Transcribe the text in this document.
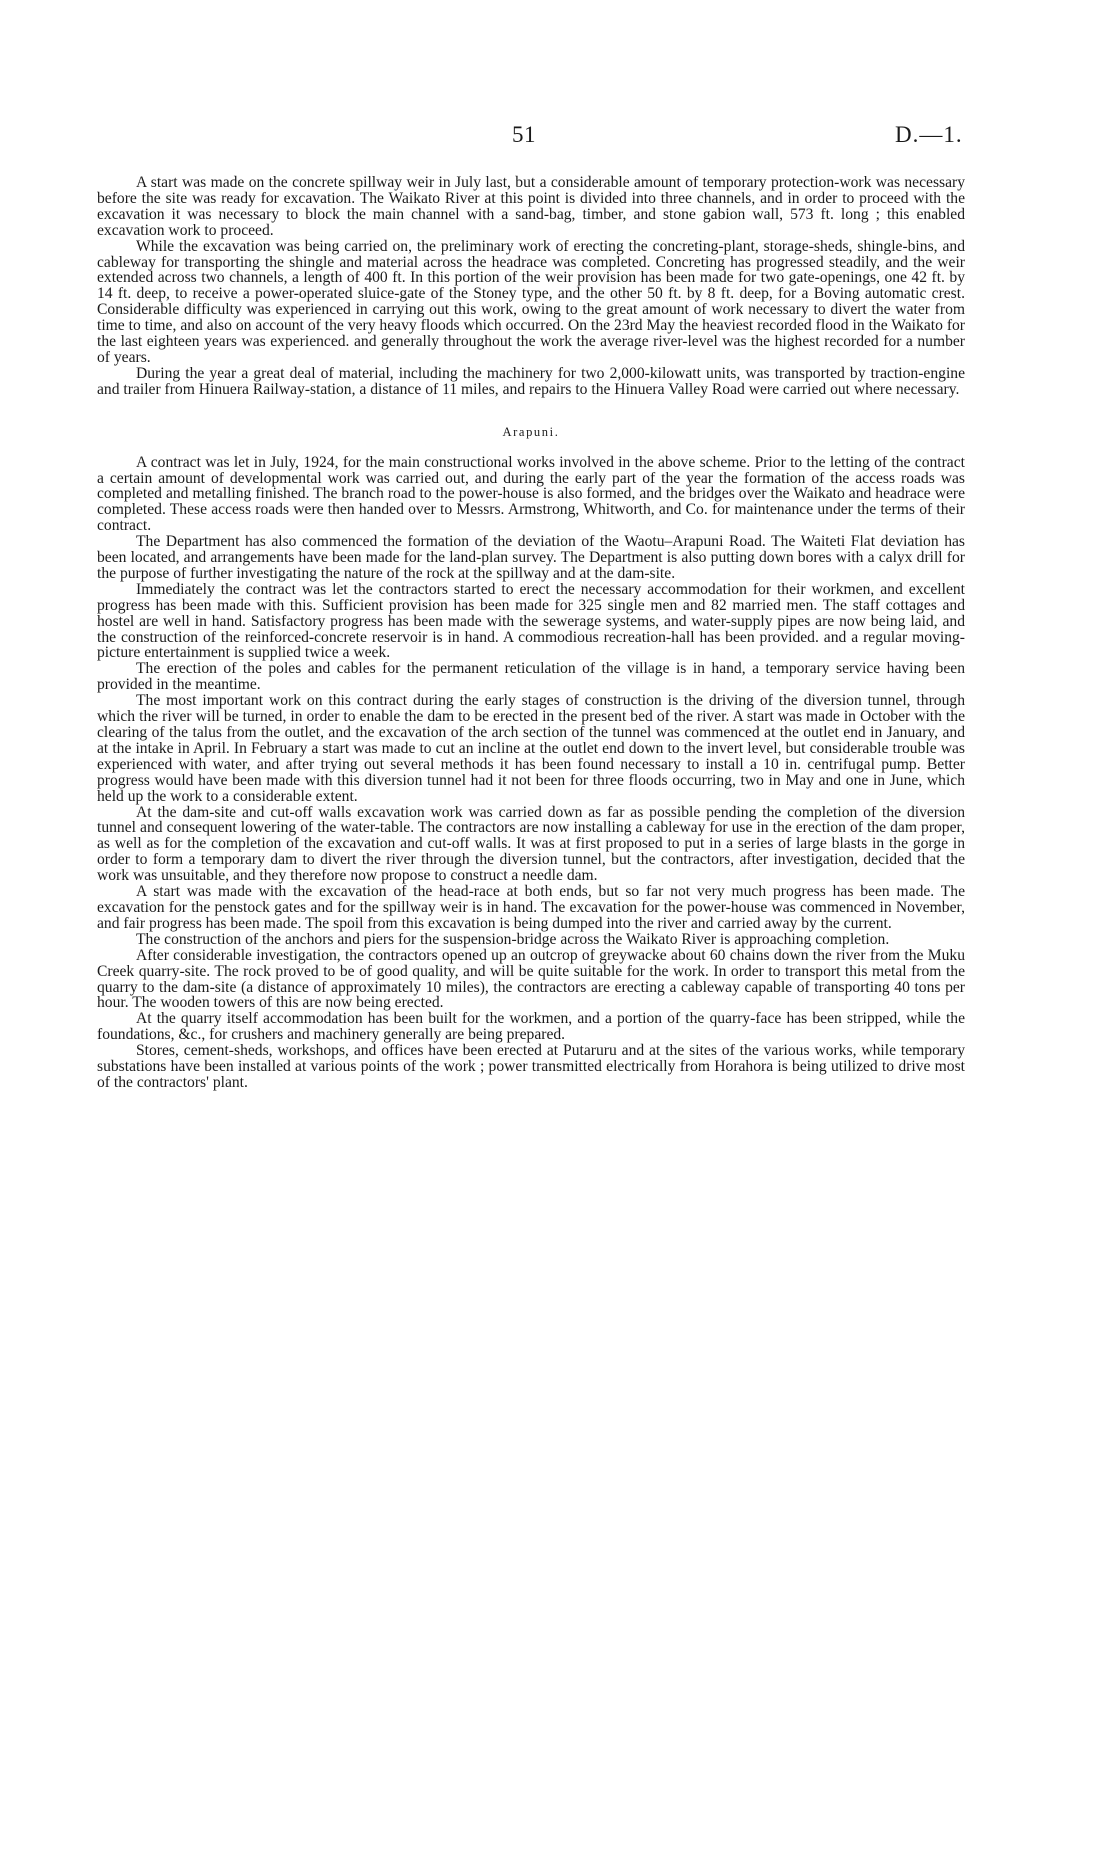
51	D.—1.

A start was made on the concrete spillway weir in July last, but a considerable amount of temporary protection-work was necessary before the site was ready for excavation. The Waikato River at this point is divided into three channels, and in order to proceed with the excavation it was necessary to block the main channel with a sand-bag, timber, and stone gabion wall, 573 ft. long ; this enabled excavation work to proceed.

While the excavation was being carried on, the preliminary work of erecting the concreting-plant, storage-sheds, shingle-bins, and cableway for transporting the shingle and material across the headrace was completed. Concreting has progressed steadily, and the weir extended across two channels, a length of 400 ft. In this portion of the weir provision has been made for two gate-openings, one 42 ft. by 14 ft. deep, to receive a power-operated sluice-gate of the Stoney type, and the other 50 ft. by 8 ft. deep, for a Boving automatic crest. Considerable difficulty was experienced in carrying out this work, owing to the great amount of work necessary to divert the water from time to time, and also on account of the very heavy floods which occurred. On the 23rd May the heaviest recorded flood in the Waikato for the last eighteen years was experienced. and generally throughout the work the average river-level was the highest recorded for a number of years.

During the year a great deal of material, including the machinery for two 2,000-kilowatt units, was transported by traction-engine and trailer from Hinuera Railway-station, a distance of 11 miles, and repairs to the Hinuera Valley Road were carried out where necessary.

Arapuni.

A contract was let in July, 1924, for the main constructional works involved in the above scheme. Prior to the letting of the contract a certain amount of developmental work was carried out, and during the early part of the year the formation of the access roads was completed and metalling finished. The branch road to the power-house is also formed, and the bridges over the Waikato and headrace were completed. These access roads were then handed over to Messrs. Armstrong, Whitworth, and Co. for maintenance under the terms of their contract.

The Department has also commenced the formation of the deviation of the Waotu–Arapuni Road. The Waiteti Flat deviation has been located, and arrangements have been made for the land-plan survey. The Department is also putting down bores with a calyx drill for the purpose of further investigating the nature of the rock at the spillway and at the dam-site.

Immediately the contract was let the contractors started to erect the necessary accommodation for their workmen, and excellent progress has been made with this. Sufficient provision has been made for 325 single men and 82 married men. The staff cottages and hostel are well in hand. Satisfactory progress has been made with the sewerage systems, and water-supply pipes are now being laid, and the construction of the reinforced-concrete reservoir is in hand. A commodious recreation-hall has been provided. and a regular moving-picture entertainment is supplied twice a week.

The erection of the poles and cables for the permanent reticulation of the village is in hand, a temporary service having been provided in the meantime.

The most important work on this contract during the early stages of construction is the driving of the diversion tunnel, through which the river will be turned, in order to enable the dam to be erected in the present bed of the river. A start was made in October with the clearing of the talus from the outlet, and the excavation of the arch section of the tunnel was commenced at the outlet end in January, and at the intake in April. In February a start was made to cut an incline at the outlet end down to the invert level, but considerable trouble was experienced with water, and after trying out several methods it has been found necessary to install a 10 in. centrifugal pump. Better progress would have been made with this diversion tunnel had it not been for three floods occurring, two in May and one in June, which held up the work to a considerable extent.

At the dam-site and cut-off walls excavation work was carried down as far as possible pending the completion of the diversion tunnel and consequent lowering of the water-table. The contractors are now installing a cableway for use in the erection of the dam proper, as well as for the completion of the excavation and cut-off walls. It was at first proposed to put in a series of large blasts in the gorge in order to form a temporary dam to divert the river through the diversion tunnel, but the contractors, after investigation, decided that the work was unsuitable, and they therefore now propose to construct a needle dam.

A start was made with the excavation of the head-race at both ends, but so far not very much progress has been made. The excavation for the penstock gates and for the spillway weir is in hand. The excavation for the power-house was commenced in November, and fair progress has been made. The spoil from this excavation is being dumped into the river and carried away by the current.

The construction of the anchors and piers for the suspension-bridge across the Waikato River is approaching completion.

After considerable investigation, the contractors opened up an outcrop of greywacke about 60 chains down the river from the Muku Creek quarry-site. The rock proved to be of good quality, and will be quite suitable for the work. In order to transport this metal from the quarry to the dam-site (a distance of approximately 10 miles), the contractors are erecting a cableway capable of transporting 40 tons per hour. The wooden towers of this are now being erected.

At the quarry itself accommodation has been built for the workmen, and a portion of the quarry-face has been stripped, while the foundations, &c., for crushers and machinery generally are being prepared.

Stores, cement-sheds, workshops, and offices have been erected at Putaruru and at the sites of the various works, while temporary substations have been installed at various points of the work ; power transmitted electrically from Horahora is being utilized to drive most of the contractors' plant.
